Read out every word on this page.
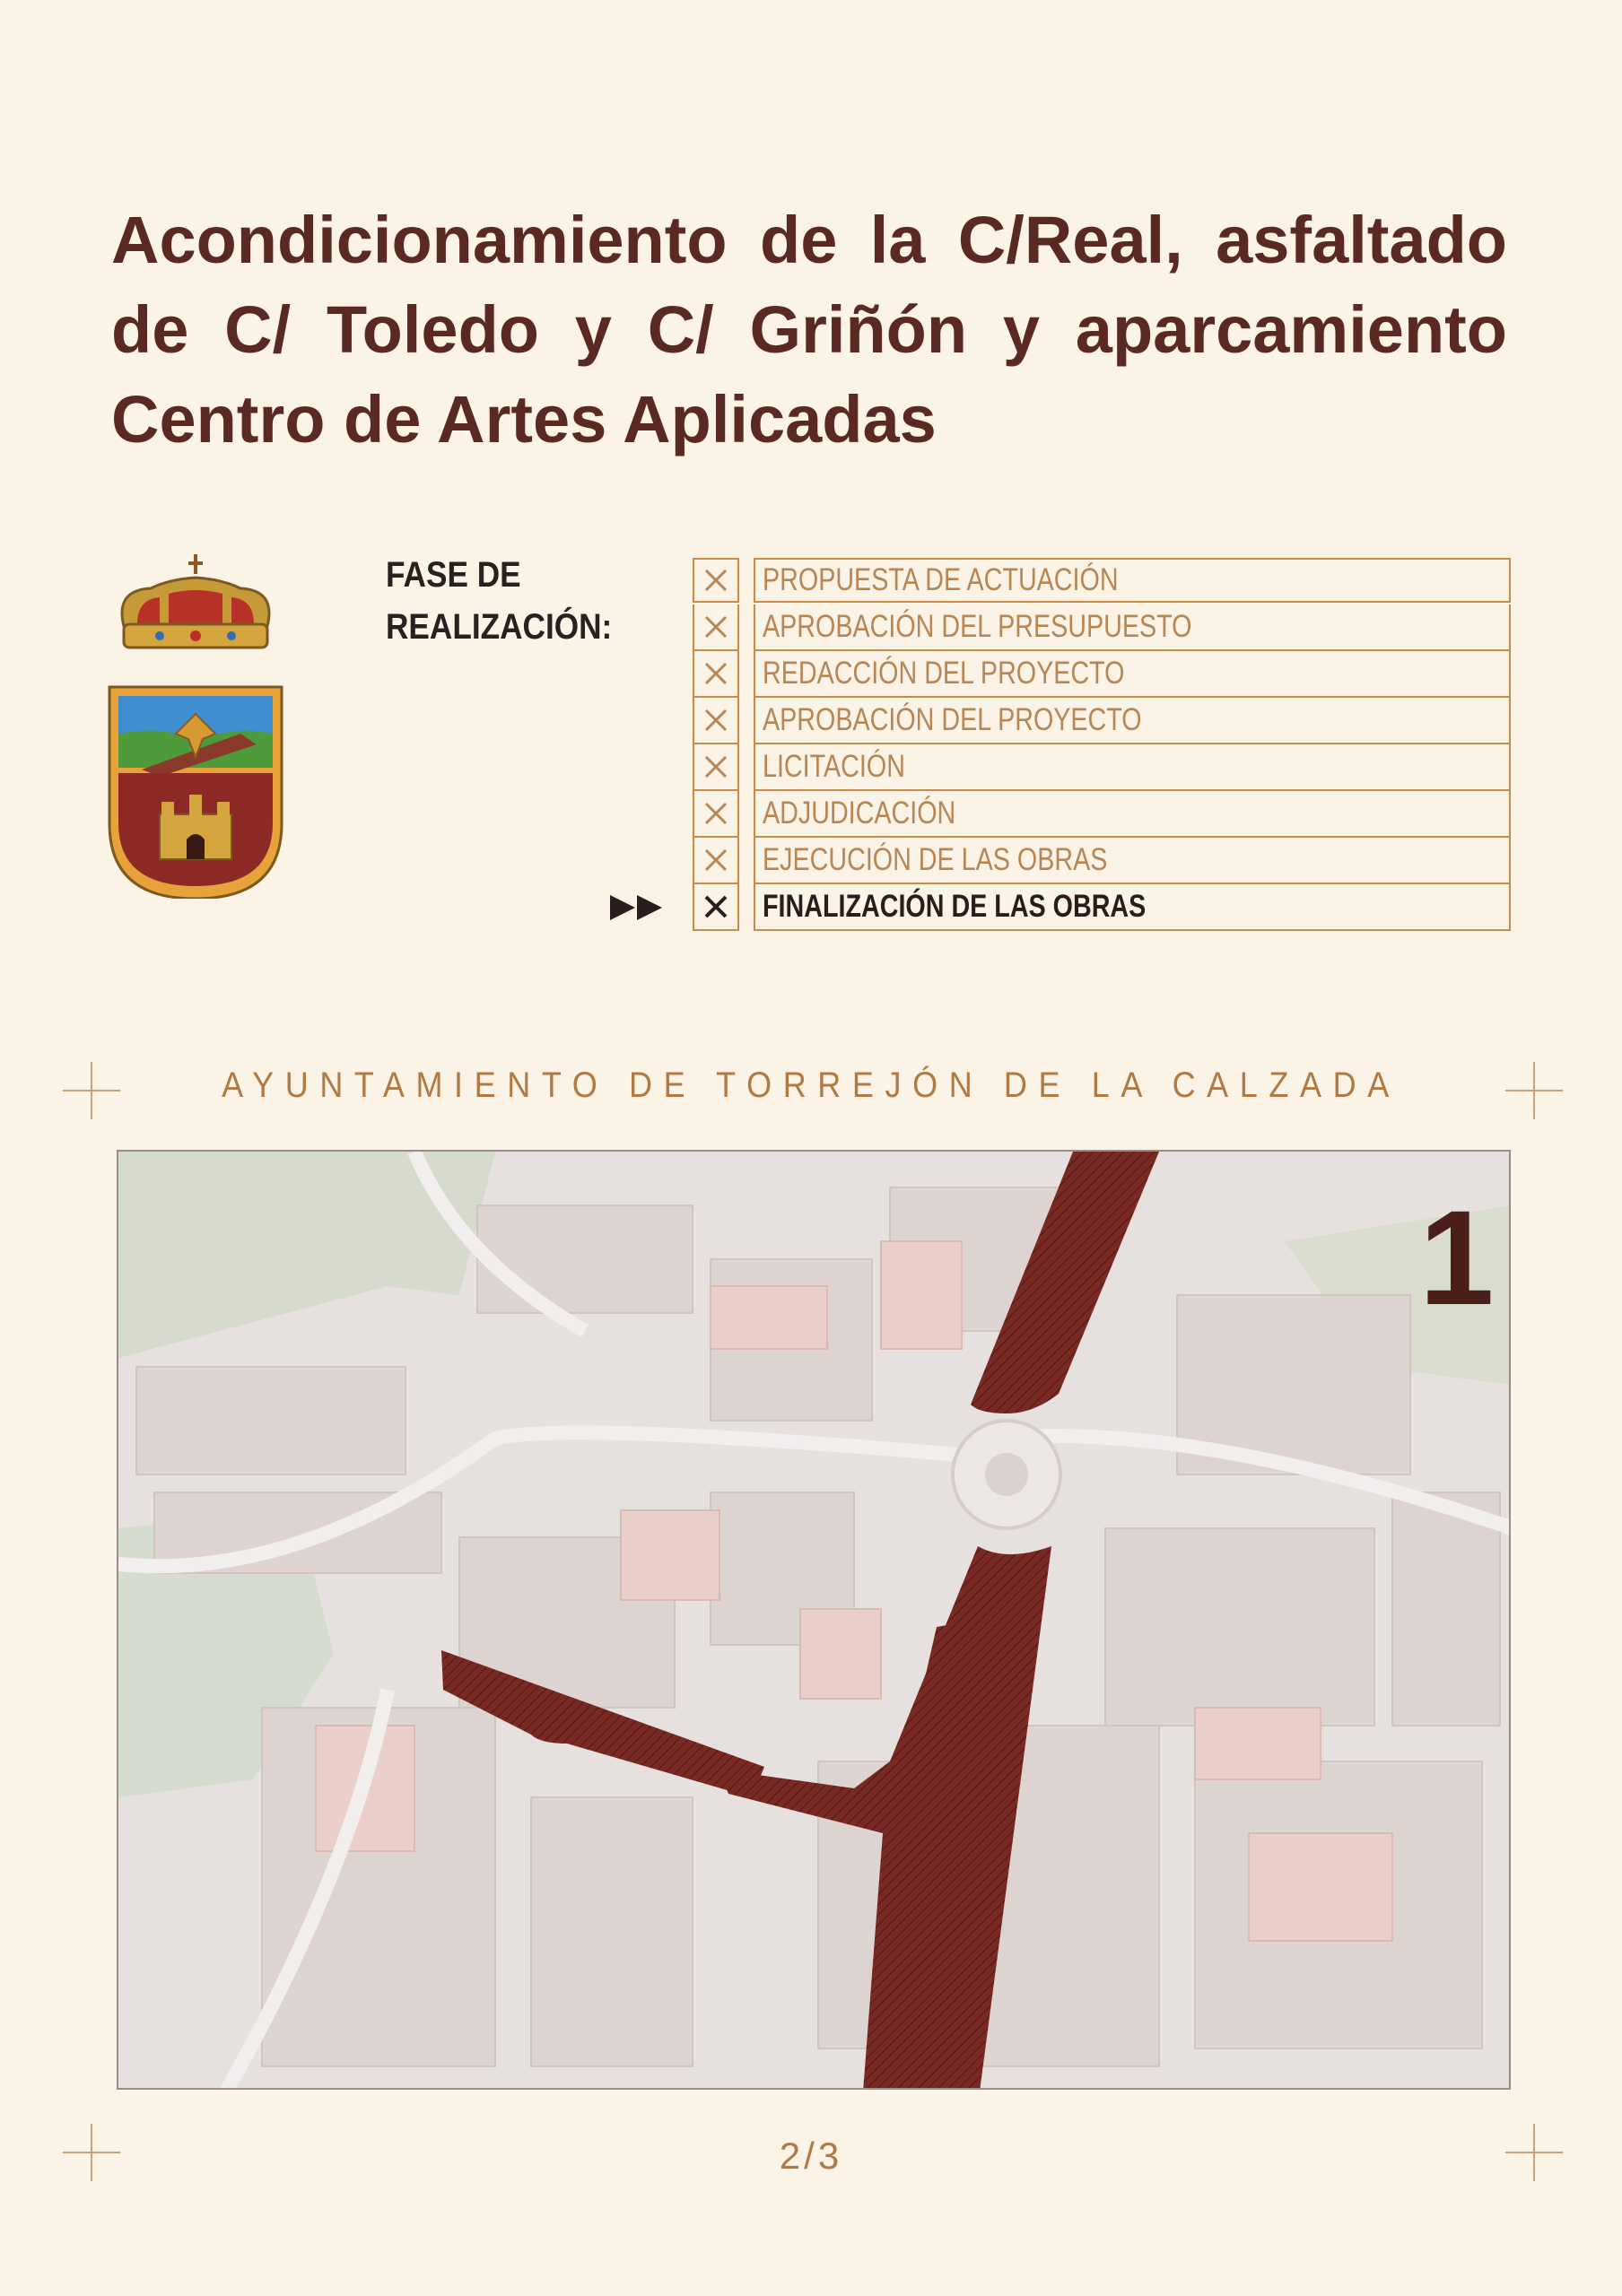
Acondicionamiento de la C/Real, asfaltado de C/ Toledo y C/ Griñón y aparcamiento Centro de Artes Aplicadas
FASE DE REALIZACIÓN:
PROPUESTA DE ACTUACIÓN
APROBACIÓN DEL PRESUPUESTO
REDACCIÓN DEL PROYECTO
APROBACIÓN DEL PROYECTO
LICITACIÓN
ADJUDICACIÓN
EJECUCIÓN DE LAS OBRAS
FINALIZACIÓN DE LAS OBRAS
AYUNTAMIENTO DE TORREJÓN DE LA CALZADA
1
2/3
